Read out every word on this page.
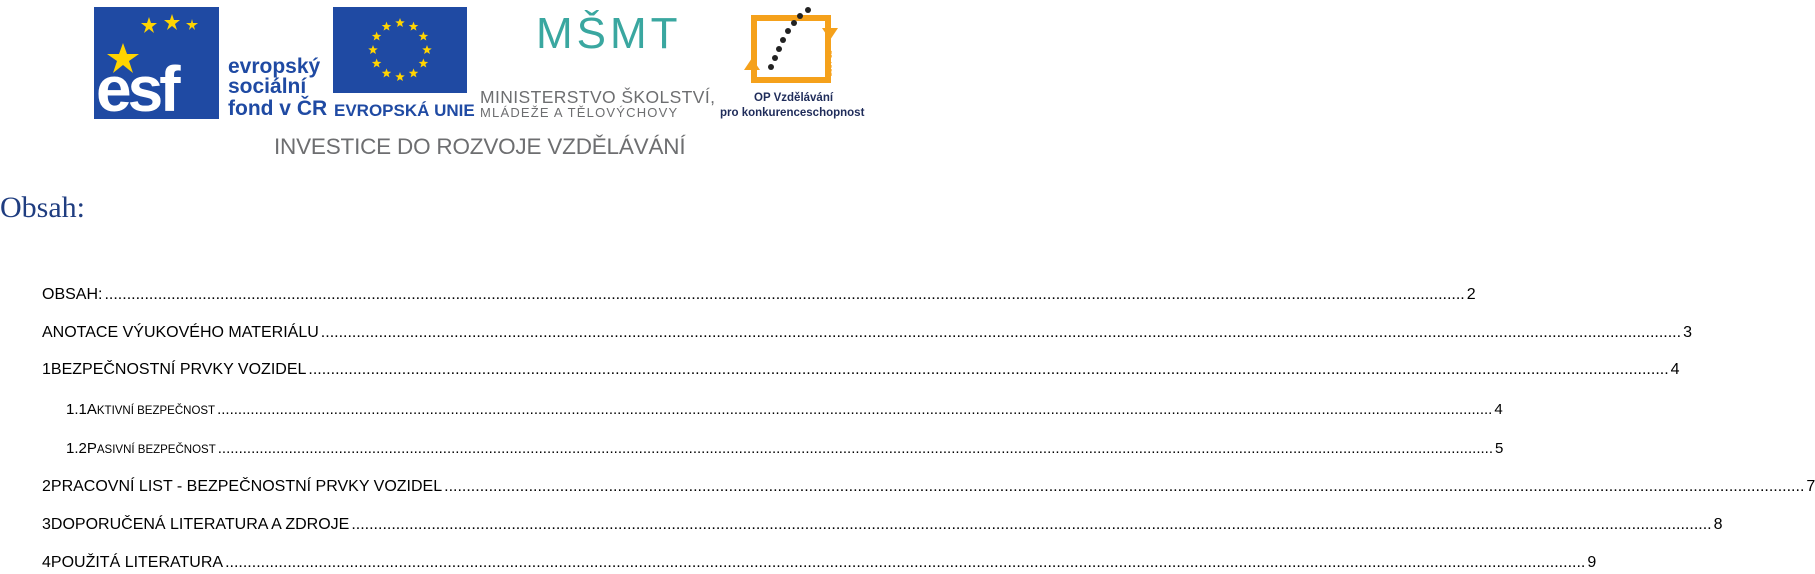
esf evropský
sociální
fond v ČR EVROPSKÁ UNIE
MŠMT
MINISTERSTVO ŠKOLSTVÍ,
MLÁDEŽE A TĚLOVÝCHOVY
2007-13
OP Vzdělávání
pro konkurenceschopnost
INVESTICE DO ROZVOJE VZDĚLÁVÁNÍ
Obsah:
OBSAH: .................................................................................................................................................................................................................................................................................................................. 2
ANOTACE VÝUKOVÉHO MATERIÁLU .................................................................................................................................................................................................................................................................................................................. 3
1 BEZPEČNOSTNÍ PRVKY VOZIDEL .................................................................................................................................................................................................................................................................................................................. 4
1.1 AKTIVNÍ BEZPEČNOST .................................................................................................................................................................................................................................................................................................................. 4
1.2 PASIVNÍ BEZPEČNOST .................................................................................................................................................................................................................................................................................................................. 5
2 PRACOVNÍ LIST - BEZPEČNOSTNÍ PRVKY VOZIDEL .................................................................................................................................................................................................................................................................................................................. 7
3 DOPORUČENÁ LITERATURA A ZDROJE .................................................................................................................................................................................................................................................................................................................. 8
4 POUŽITÁ LITERATURA .................................................................................................................................................................................................................................................................................................................. 9
